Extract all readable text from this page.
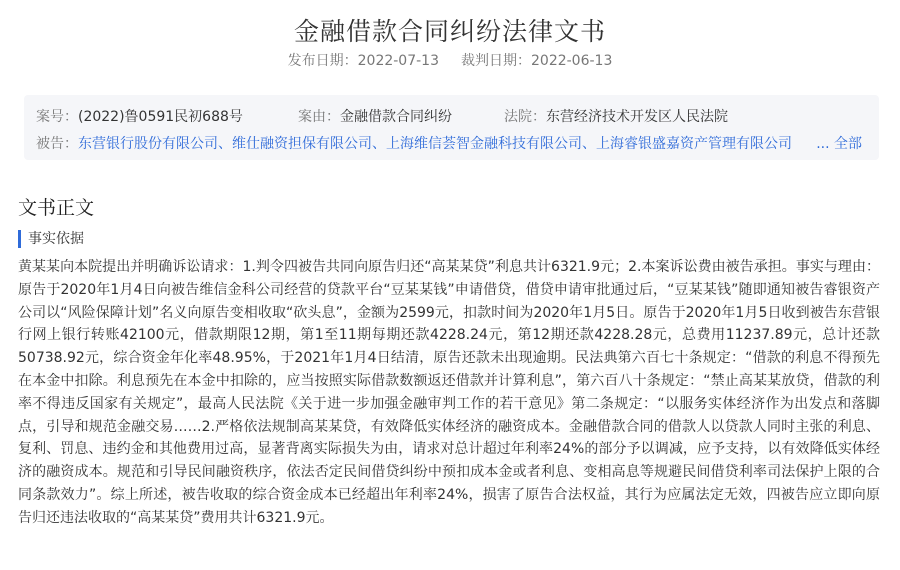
金融借款合同纠纷法律文书
发布日期：2022-07-13 裁判日期：2022-06-13
案号：(2022)鲁0591民初688号	案由：金融借款合同纠纷	法院：东营经济技术开发区人民法院
被告：东营银行股份有限公司、维仕融资担保有限公司、上海维信荟智金融科技有限公司、上海睿银盛嘉资产管理有限公司 ... 全部
文书正文
事实依据
黄某某向本院提出并明确诉讼请求：1.判令四被告共同向原告归还“高某某贷”利息共计6321.9元；2.本案诉讼费由被告承担。事实与理由：原告于2020年1月4日向被告维信金科公司经营的贷款平台“豆某某钱”申请借贷，借贷申请审批通过后，“豆某某钱”随即通知被告睿银资产公司以“风险保障计划”名义向原告变相收取“砍头息”，金额为2599元，扣款时间为2020年1月5日。原告于2020年1月5日收到被告东营银行网上银行转账42100元，借款期限12期，第1至11期每期还款4228.24元，第12期还款4228.28元，总费用11237.89元，总计还款50738.92元，综合资金年化率48.95%，于2021年1月4日结清，原告还款未出现逾期。民法典第六百七十条规定：“借款的利息不得预先在本金中扣除。利息预先在本金中扣除的，应当按照实际借款数额返还借款并计算利息”，第六百八十条规定：“禁止高某某放贷，借款的利率不得违反国家有关规定”，最高人民法院《关于进一步加强金融审判工作的若干意见》第二条规定：“以服务实体经济作为出发点和落脚点，引导和规范金融交易……2.严格依法规制高某某贷，有效降低实体经济的融资成本。金融借款合同的借款人以贷款人同时主张的利息、复利、罚息、违约金和其他费用过高，显著背离实际损失为由，请求对总计超过年利率24%的部分予以调减，应予支持，以有效降低实体经济的融资成本。规范和引导民间融资秩序，依法否定民间借贷纠纷中预扣成本金或者利息、变相高息等规避民间借贷利率司法保护上限的合同条款效力”。综上所述，被告收取的综合资金成本已经超出年利率24%，损害了原告合法权益，其行为应属法定无效，四被告应立即向原告归还违法收取的“高某某贷”费用共计6321.9元。
